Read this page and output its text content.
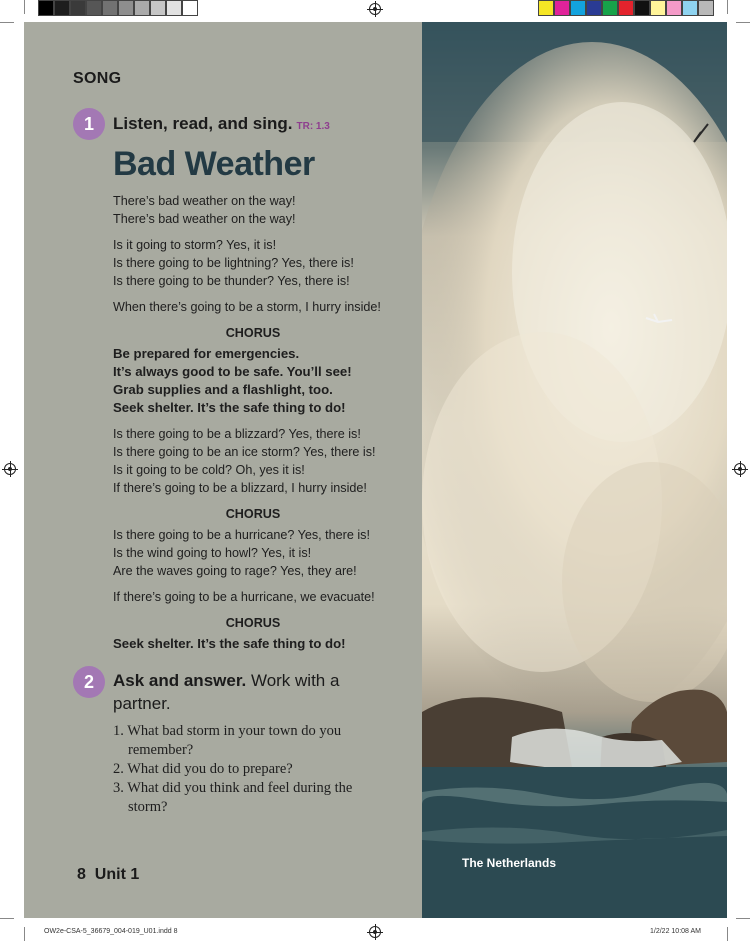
The Netherlands
SONG
1	Listen, read, and sing. TR: 1.3
Bad Weather

There’s bad weather on the way!

There’s bad weather on the way!

Is it going to storm? Yes, it is!

Is there going to be lightning? Yes, there is!

Is there going to be thunder? Yes, there is!

When there’s going to be a storm, I hurry inside!

CHORUS

Be prepared for emergencies.

It’s always good to be safe. You’ll see!

Grab supplies and a flashlight, too.

Seek shelter. It’s the safe thing to do!

Is there going to be a blizzard? Yes, there is!

Is there going to be an ice storm? Yes, there is!

Is it going to be cold? Oh, yes it is!

If there’s going to be a blizzard, I hurry inside!

CHORUS

Is there going to be a hurricane? Yes, there is!

Is the wind going to howl? Yes, it is!

Are the waves going to rage? Yes, they are!

If there’s going to be a hurricane, we evacuate!

CHORUS
Seek shelter. It’s the safe thing to do!
2	Ask and answer. Work with a partner.
1. What bad storm in your town do you remember?
2. What did you do to prepare?
3. What did you think and feel during the storm?
8 Unit 1
OW2e-CSA-5_36679_004-019_U01.indd 8	1/2/22 10:08 AM
